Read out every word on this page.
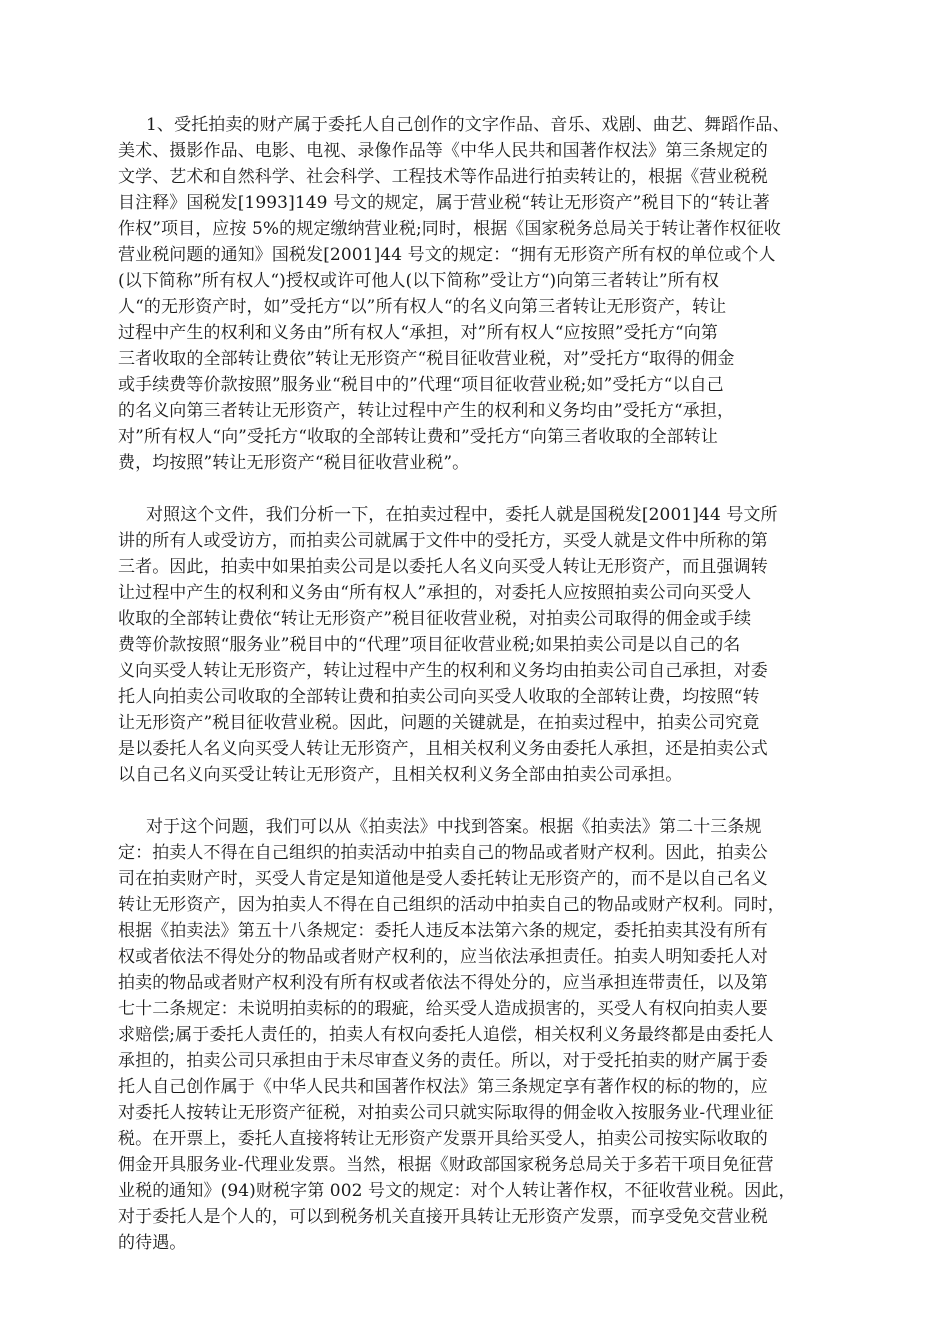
1、受托拍卖的财产属于委托人自己创作的文字作品、音乐、戏剧、曲艺、舞蹈作品、
美术、摄影作品、电影、电视、录像作品等《中华人民共和国著作权法》第三条规定的
文学、艺术和自然科学、社会科学、工程技术等作品进行拍卖转让的，根据《营业税税
目注释》国税发[1993]149 号文的规定，属于营业税“转让无形资产”税目下的“转让著
作权”项目，应按 5%的规定缴纳营业税;同时，根据《国家税务总局关于转让著作权征收
营业税问题的通知》国税发[2001]44 号文的规定：“拥有无形资产所有权的单位或个人
(以下简称”所有权人“)授权或许可他人(以下简称”受让方“)向第三者转让”所有权
人“的无形资产时，如”受托方“以”所有权人“的名义向第三者转让无形资产，转让
过程中产生的权利和义务由”所有权人“承担，对”所有权人“应按照”受托方“向第
三者收取的全部转让费依”转让无形资产“税目征收营业税，对”受托方“取得的佣金
或手续费等价款按照”服务业“税目中的”代理“项目征收营业税;如”受托方“以自己
的名义向第三者转让无形资产，转让过程中产生的权利和义务均由”受托方“承担，
对”所有权人“向”受托方“收取的全部转让费和”受托方“向第三者收取的全部转让
费，均按照”转让无形资产“税目征收营业税”。
对照这个文件，我们分析一下，在拍卖过程中，委托人就是国税发[2001]44 号文所
讲的所有人或受访方，而拍卖公司就属于文件中的受托方，买受人就是文件中所称的第
三者。因此，拍卖中如果拍卖公司是以委托人名义向买受人转让无形资产，而且强调转
让过程中产生的权利和义务由“所有权人”承担的，对委托人应按照拍卖公司向买受人
收取的全部转让费依“转让无形资产”税目征收营业税，对拍卖公司取得的佣金或手续
费等价款按照“服务业”税目中的“代理”项目征收营业税;如果拍卖公司是以自己的名
义向买受人转让无形资产，转让过程中产生的权利和义务均由拍卖公司自己承担，对委
托人向拍卖公司收取的全部转让费和拍卖公司向买受人收取的全部转让费，均按照“转
让无形资产”税目征收营业税。因此，问题的关键就是，在拍卖过程中，拍卖公司究竟
是以委托人名义向买受人转让无形资产，且相关权利义务由委托人承担，还是拍卖公式
以自己名义向买受让转让无形资产，且相关权利义务全部由拍卖公司承担。
对于这个问题，我们可以从《拍卖法》中找到答案。根据《拍卖法》第二十三条规
定：拍卖人不得在自己组织的拍卖活动中拍卖自己的物品或者财产权利。因此，拍卖公
司在拍卖财产时，买受人肯定是知道他是受人委托转让无形资产的，而不是以自己名义
转让无形资产，因为拍卖人不得在自己组织的活动中拍卖自己的物品或财产权利。同时，
根据《拍卖法》第五十八条规定：委托人违反本法第六条的规定，委托拍卖其没有所有
权或者依法不得处分的物品或者财产权利的，应当依法承担责任。拍卖人明知委托人对
拍卖的物品或者财产权利没有所有权或者依法不得处分的，应当承担连带责任，以及第
七十二条规定：未说明拍卖标的的瑕疵，给买受人造成损害的，买受人有权向拍卖人要
求赔偿;属于委托人责任的，拍卖人有权向委托人追偿，相关权利义务最终都是由委托人
承担的，拍卖公司只承担由于未尽审查义务的责任。所以，对于受托拍卖的财产属于委
托人自己创作属于《中华人民共和国著作权法》第三条规定享有著作权的标的物的，应
对委托人按转让无形资产征税，对拍卖公司只就实际取得的佣金收入按服务业-代理业征
税。在开票上，委托人直接将转让无形资产发票开具给买受人，拍卖公司按实际收取的
佣金开具服务业-代理业发票。当然，根据《财政部国家税务总局关于多若干项目免征营
业税的通知》(94)财税字第 002 号文的规定：对个人转让著作权，不征收营业税。因此，
对于委托人是个人的，可以到税务机关直接开具转让无形资产发票，而享受免交营业税
的待遇。
